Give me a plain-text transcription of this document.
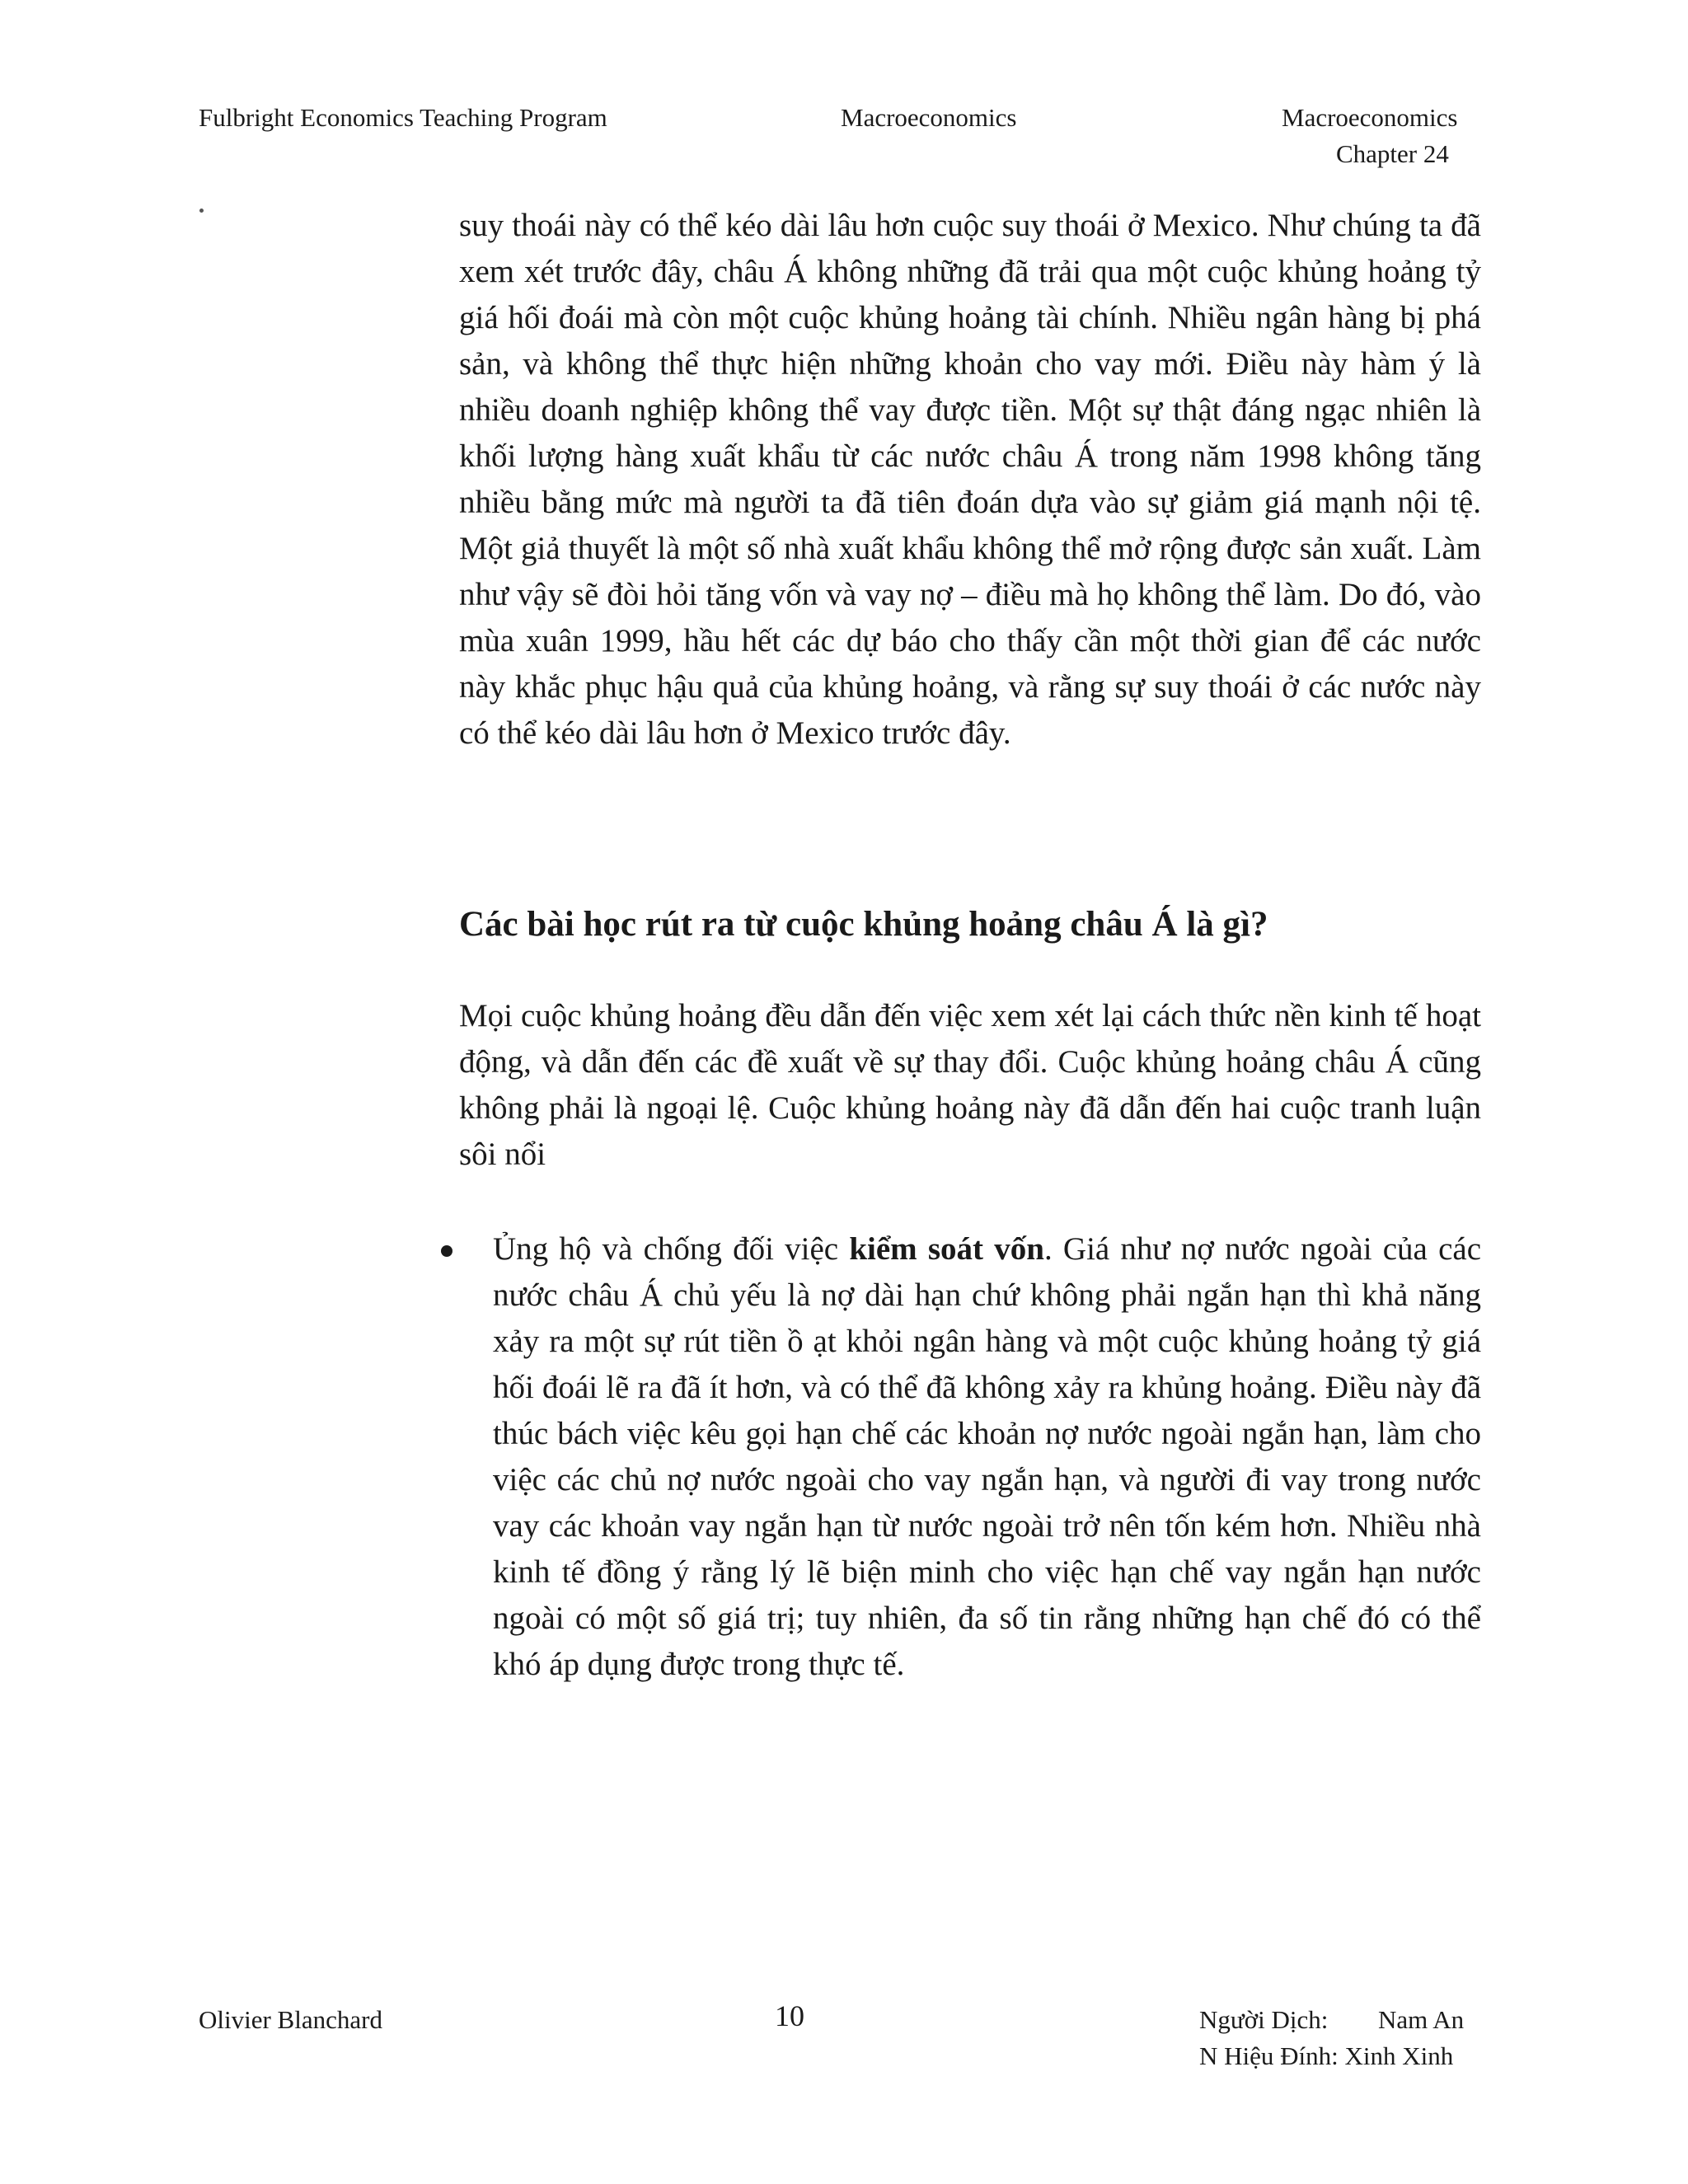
Fulbright Economics Teaching Program	Macroeconomics	Macroeconomics
Chapter 24

suy thoái này có thể kéo dài lâu hơn cuộc suy thoái ở Mexico. Như chúng ta đã xem xét trước đây, châu Á không những đã trải qua một cuộc khủng hoảng tỷ giá hối đoái mà còn một cuộc khủng hoảng tài chính. Nhiều ngân hàng bị phá sản, và không thể thực hiện những khoản cho vay mới. Điều này hàm ý là nhiều doanh nghiệp không thể vay được tiền. Một sự thật đáng ngạc nhiên là khối lượng hàng xuất khẩu từ các nước châu Á trong năm 1998 không tăng nhiều bằng mức mà người ta đã tiên đoán dựa vào sự giảm giá mạnh nội tệ. Một giả thuyết là một số nhà xuất khẩu không thể mở rộng được sản xuất. Làm như vậy sẽ đòi hỏi tăng vốn và vay nợ – điều mà họ không thể làm. Do đó, vào mùa xuân 1999, hầu hết các dự báo cho thấy cần một thời gian để các nước này khắc phục hậu quả của khủng hoảng, và rằng sự suy thoái ở các nước này có thể kéo dài lâu hơn ở Mexico trước đây.

Các bài học rút ra từ cuộc khủng hoảng châu Á là gì?

Mọi cuộc khủng hoảng đều dẫn đến việc xem xét lại cách thức nền kinh tế hoạt động, và dẫn đến các đề xuất về sự thay đổi. Cuộc khủng hoảng châu Á cũng không phải là ngoại lệ. Cuộc khủng hoảng này đã dẫn đến hai cuộc tranh luận sôi nổi

Ủng hộ và chống đối việc kiểm soát vốn. Giá như nợ nước ngoài của các nước châu Á chủ yếu là nợ dài hạn chứ không phải ngắn hạn thì khả năng xảy ra một sự rút tiền ồ ạt khỏi ngân hàng và một cuộc khủng hoảng tỷ giá hối đoái lẽ ra đã ít hơn, và có thể đã không xảy ra khủng hoảng. Điều này đã thúc bách việc kêu gọi hạn chế các khoản nợ nước ngoài ngắn hạn, làm cho việc các chủ nợ nước ngoài cho vay ngắn hạn, và người đi vay trong nước vay các khoản vay ngắn hạn từ nước ngoài trở nên tốn kém hơn. Nhiều nhà kinh tế đồng ý rằng lý lẽ biện minh cho việc hạn chế vay ngắn hạn nước ngoài có một số giá trị; tuy nhiên, đa số tin rằng những hạn chế đó có thể khó áp dụng được trong thực tế.

Olivier Blanchard	10	Người Dịch: Nam An
N Hiệu Đính: Xinh Xinh
